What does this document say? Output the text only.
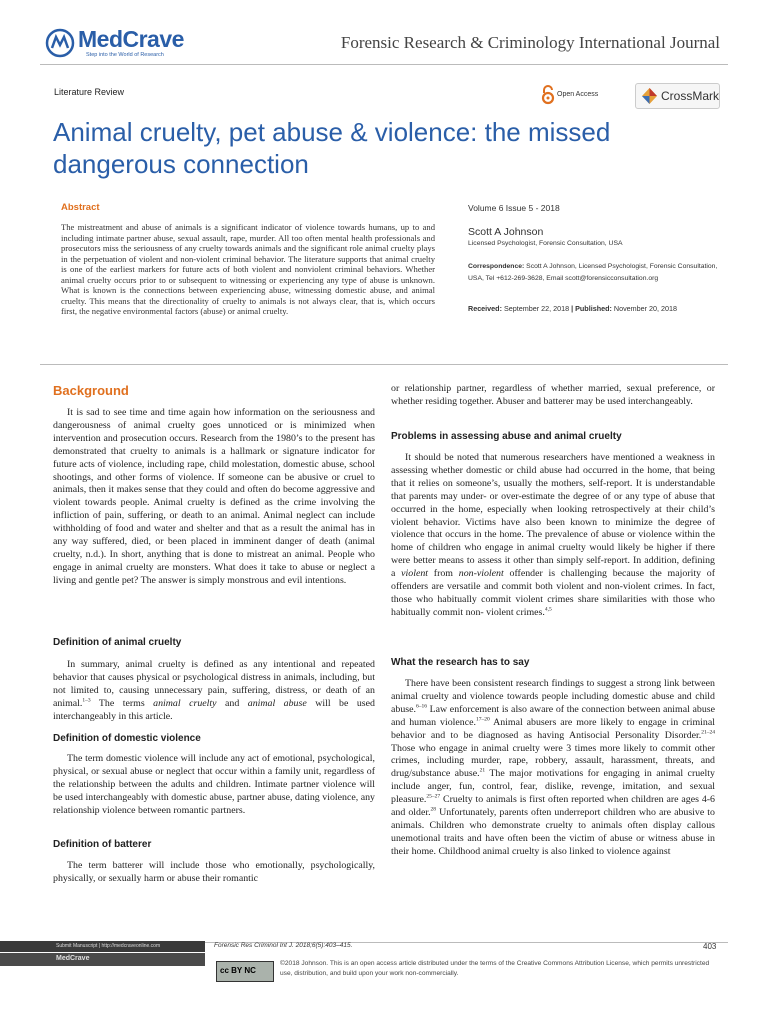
MedCrave
Step into the World of Research
Forensic Research & Criminology International Journal
Literature Review	Open Access	CrossMark
Animal cruelty, pet abuse & violence: the missed dangerous connection
Abstract
The mistreatment and abuse of animals is a significant indicator of violence towards humans, up to and including intimate partner abuse, sexual assault, rape, murder. All too often mental health professionals and prosecutors miss the seriousness of any cruelty towards animals and the significant role animal cruelty plays in the perpetuation of violent and non-violent criminal behavior. The literature supports that animal cruelty is one of the earliest markers for future acts of both violent and nonviolent criminal behaviors. Whether animal cruelty occurs prior to or subsequent to witnessing or experiencing any type of abuse is unknown. What is known is the connections between experiencing abuse, witnessing domestic abuse, and animal cruelty. This means that the directionality of cruelty to animals is not always clear, that is, which occurs first, the negative environmental factors (abuse) or animal cruelty.
Volume 6 Issue 5 - 2018
Scott A Johnson
Licensed Psychologist, Forensic Consultation, USA
Correspondence: Scott A Johnson, Licensed Psychologist, Forensic Consultation, USA, Tel +612-269-3628, Email scott@forensicconsultation.org
Received: September 22, 2018 | Published: November 20, 2018
Background

It is sad to see time and time again how information on the seriousness and dangerousness of animal cruelty goes unnoticed or is minimized when intervention and prosecution occurs. Research from the 1980’s to the present has demonstrated that cruelty to animals is a hallmark or signature indicator for future acts of violence, including rape, child molestation, domestic abuse, school shootings, and other forms of violence. If someone can be abusive or cruel to animals, then it makes sense that they could and often do become aggressive and violent towards people. Animal cruelty is defined as the crime involving the infliction of pain, suffering, or death to an animal. Animal neglect can include withholding of food and water and shelter and that as a result the animal has in any way suffered, died, or been placed in imminent danger of death (animal cruelty, n.d.). In short, anything that is done to mistreat an animal. People who engage in animal cruelty are monsters. What does it take to abuse or neglect a living and gentle pet? The answer is simply monstrous and evil intentions.

Definition of animal cruelty

In summary, animal cruelty is defined as any intentional and repeated behavior that causes physical or psychological distress in animals, including, but not limited to, causing unnecessary pain, suffering, distress, or death of an animal.$^{1-3}$ The terms animal cruelty and animal abuse will be used interchangeably in this article.

Definition of domestic violence

The term domestic violence will include any act of emotional, psychological, physical, or sexual abuse or neglect that occur within a family unit, regardless of the relationship between the adults and children. Intimate partner violence will be used interchangeably with domestic abuse, partner abuse, dating violence, any relationship violence between romantic partners.

Definition of batterer

The term batterer will include those who emotionally, psychologically, physically, or sexually harm or abuse their romantic

or relationship partner, regardless of whether married, sexual preference, or whether residing together. Abuser and batterer may be used interchangeably.

Problems in assessing abuse and animal cruelty

It should be noted that numerous researchers have mentioned a weakness in assessing whether domestic or child abuse had occurred in the home, that being that it relies on someone’s, usually the mothers, self-report. It is understandable that parents may under- or over-estimate the degree of or any type of abuse that occurred in the home, especially when looking retrospectively at their child’s violent behavior. Victims have also been known to minimize the degree of violence that occurs in the home. The prevalence of abuse or violence within the home of children who engage in animal cruelty would likely be higher if there were better means to assess it other than simply self-report. In addition, defining a violent from non-violent offender is challenging because the majority of offenders are versatile and commit both violent and non-violent crimes. In fact, those who habitually commit violent crimes share similarities with those who habitually commit non- violent crimes.$^{4,5}$

What the research has to say

There have been consistent research findings to suggest a strong link between animal cruelty and violence towards people including domestic abuse and child abuse.$^{6-16}$ Law enforcement is also aware of the connection between animal abuse and human violence.$^{17-20}$ Animal abusers are more likely to engage in criminal behavior and to be diagnosed as having Antisocial Personality Disorder.$^{21-24}$ Those who engage in animal cruelty were 3 times more likely to commit other crimes, including murder, rape, robbery, assault, harassment, threats, and drug/substance abuse.$^{21}$ The major motivations for engaging in animal cruelty include anger, fun, control, fear, dislike, revenge, imitation, and sexual pleasure.$^{25-27}$ Cruelty to animals is first often reported when children are ages 4-6 and older.$^{28}$ Unfortunately, parents often underreport children who are abusive to animals. Children who demonstrate cruelty to animals often display callous unemotional traits and have often been the victim of abuse or witness abuse in their home. Childhood animal cruelty is also linked to violence against

Submit Manuscript | http://medcraveonline.com
MedCrave
Forensic Res Criminol Int J. 2018;6(5):403‒415.	403
cc BY NC
©2018 Johnson. This is an open access article distributed under the terms of the Creative Commons Attribution License, which permits unrestricted use, distribution, and build upon your work non-commercially.
